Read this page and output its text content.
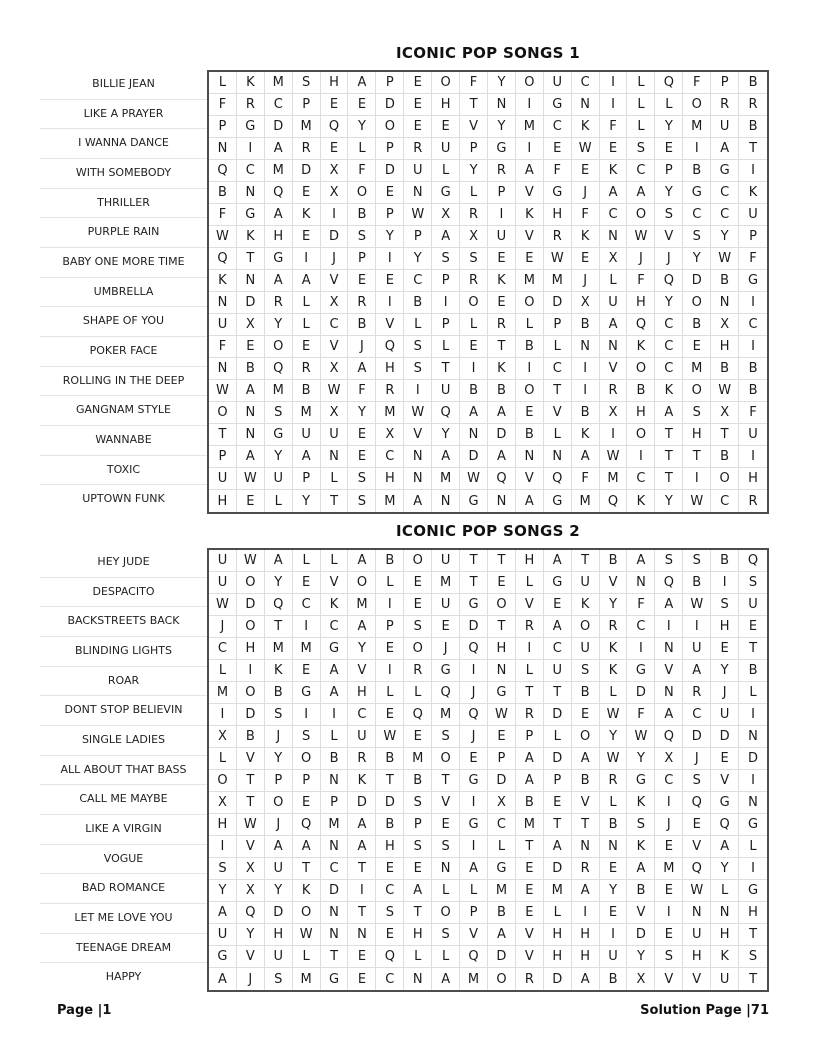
BILLIE JEAN
LIKE A PRAYER
I WANNA DANCE
WITH SOMEBODY
THRILLER
PURPLE RAIN
BABY ONE MORE TIME
UMBRELLA
SHAPE OF YOU
POKER FACE
ROLLING IN THE DEEP
GANGNAM STYLE
WANNABE
TOXIC
UPTOWN FUNK
ICONIC POP SONGS 1
L	K	M	S	H	A	P	E	O	F	Y	O	U	C	I	L	Q	F	P	B
F	R	C	P	E	E	D	E	H	T	N	I	G	N	I	L	L	O	R	R
P	G	D	M	Q	Y	O	E	E	V	Y	M	C	K	F	L	Y	M	U	B
N	I	A	R	E	L	P	R	U	P	G	I	E	W	E	S	E	I	A	T
Q	C	M	D	X	F	D	U	L	Y	R	A	F	E	K	C	P	B	G	I
B	N	Q	E	X	O	E	N	G	L	P	V	G	J	A	A	Y	G	C	K
F	G	A	K	I	B	P	W	X	R	I	K	H	F	C	O	S	C	C	U
W	K	H	E	D	S	Y	P	A	X	U	V	R	K	N	W	V	S	Y	P
Q	T	G	I	J	P	I	Y	S	S	E	E	W	E	X	J	J	Y	W	F
K	N	A	A	V	E	E	C	P	R	K	M	M	J	L	F	Q	D	B	G
N	D	R	L	X	R	I	B	I	O	E	O	D	X	U	H	Y	O	N	I
U	X	Y	L	C	B	V	L	P	L	R	L	P	B	A	Q	C	B	X	C
F	E	O	E	V	J	Q	S	L	E	T	B	L	N	N	K	C	E	H	I
N	B	Q	R	X	A	H	S	T	I	K	I	C	I	V	O	C	M	B	B
W	A	M	B	W	F	R	I	U	B	B	O	T	I	R	B	K	O	W	B
O	N	S	M	X	Y	M	W	Q	A	A	E	V	B	X	H	A	S	X	F
T	N	G	U	U	E	X	V	Y	N	D	B	L	K	I	O	T	H	T	U
P	A	Y	A	N	E	C	N	A	D	A	N	N	A	W	I	T	T	B	I
U	W	U	P	L	S	H	N	M	W	Q	V	Q	F	M	C	T	I	O	H
H	E	L	Y	T	S	M	A	N	G	N	A	G	M	Q	K	Y	W	C	R
HEY JUDE
DESPACITO
BACKSTREETS BACK
BLINDING LIGHTS
ROAR
DONT STOP BELIEVIN
SINGLE LADIES
ALL ABOUT THAT BASS
CALL ME MAYBE
LIKE A VIRGIN
VOGUE
BAD ROMANCE
LET ME LOVE YOU
TEENAGE DREAM
HAPPY
ICONIC POP SONGS 2
U	W	A	L	L	A	B	O	U	T	T	H	A	T	B	A	S	S	B	Q
U	O	Y	E	V	O	L	E	M	T	E	L	G	U	V	N	Q	B	I	S
W	D	Q	C	K	M	I	E	U	G	O	V	E	K	Y	F	A	W	S	U
J	O	T	I	C	A	P	S	E	D	T	R	A	O	R	C	I	I	H	E
C	H	M	M	G	Y	E	O	J	Q	H	I	C	U	K	I	N	U	E	T
L	I	K	E	A	V	I	R	G	I	N	L	U	S	K	G	V	A	Y	B
M	O	B	G	A	H	L	L	Q	J	G	T	T	B	L	D	N	R	J	L
I	D	S	I	I	C	E	Q	M	Q	W	R	D	E	W	F	A	C	U	I
X	B	J	S	L	U	W	E	S	J	E	P	L	O	Y	W	Q	D	D	N
L	V	Y	O	B	R	B	M	O	E	P	A	D	A	W	Y	X	J	E	D
O	T	P	P	N	K	T	B	T	G	D	A	P	B	R	G	C	S	V	I
X	T	O	E	P	D	D	S	V	I	X	B	E	V	L	K	I	Q	G	N
H	W	J	Q	M	A	B	P	E	G	C	M	T	T	B	S	J	E	Q	G
I	V	A	A	N	A	H	S	S	I	L	T	A	N	N	K	E	V	A	L
S	X	U	T	C	T	E	E	N	A	G	E	D	R	E	A	M	Q	Y	I
Y	X	Y	K	D	I	C	A	L	L	M	E	M	A	Y	B	E	W	L	G
A	Q	D	O	N	T	S	T	O	P	B	E	L	I	E	V	I	N	N	H
U	Y	H	W	N	N	E	H	S	V	A	V	H	H	I	D	E	U	H	T
G	V	U	L	T	E	Q	L	L	Q	D	V	H	H	U	Y	S	H	K	S
A	J	S	M	G	E	C	N	A	M	O	R	D	A	B	X	V	V	U	T
Page |1	Solution Page |71
